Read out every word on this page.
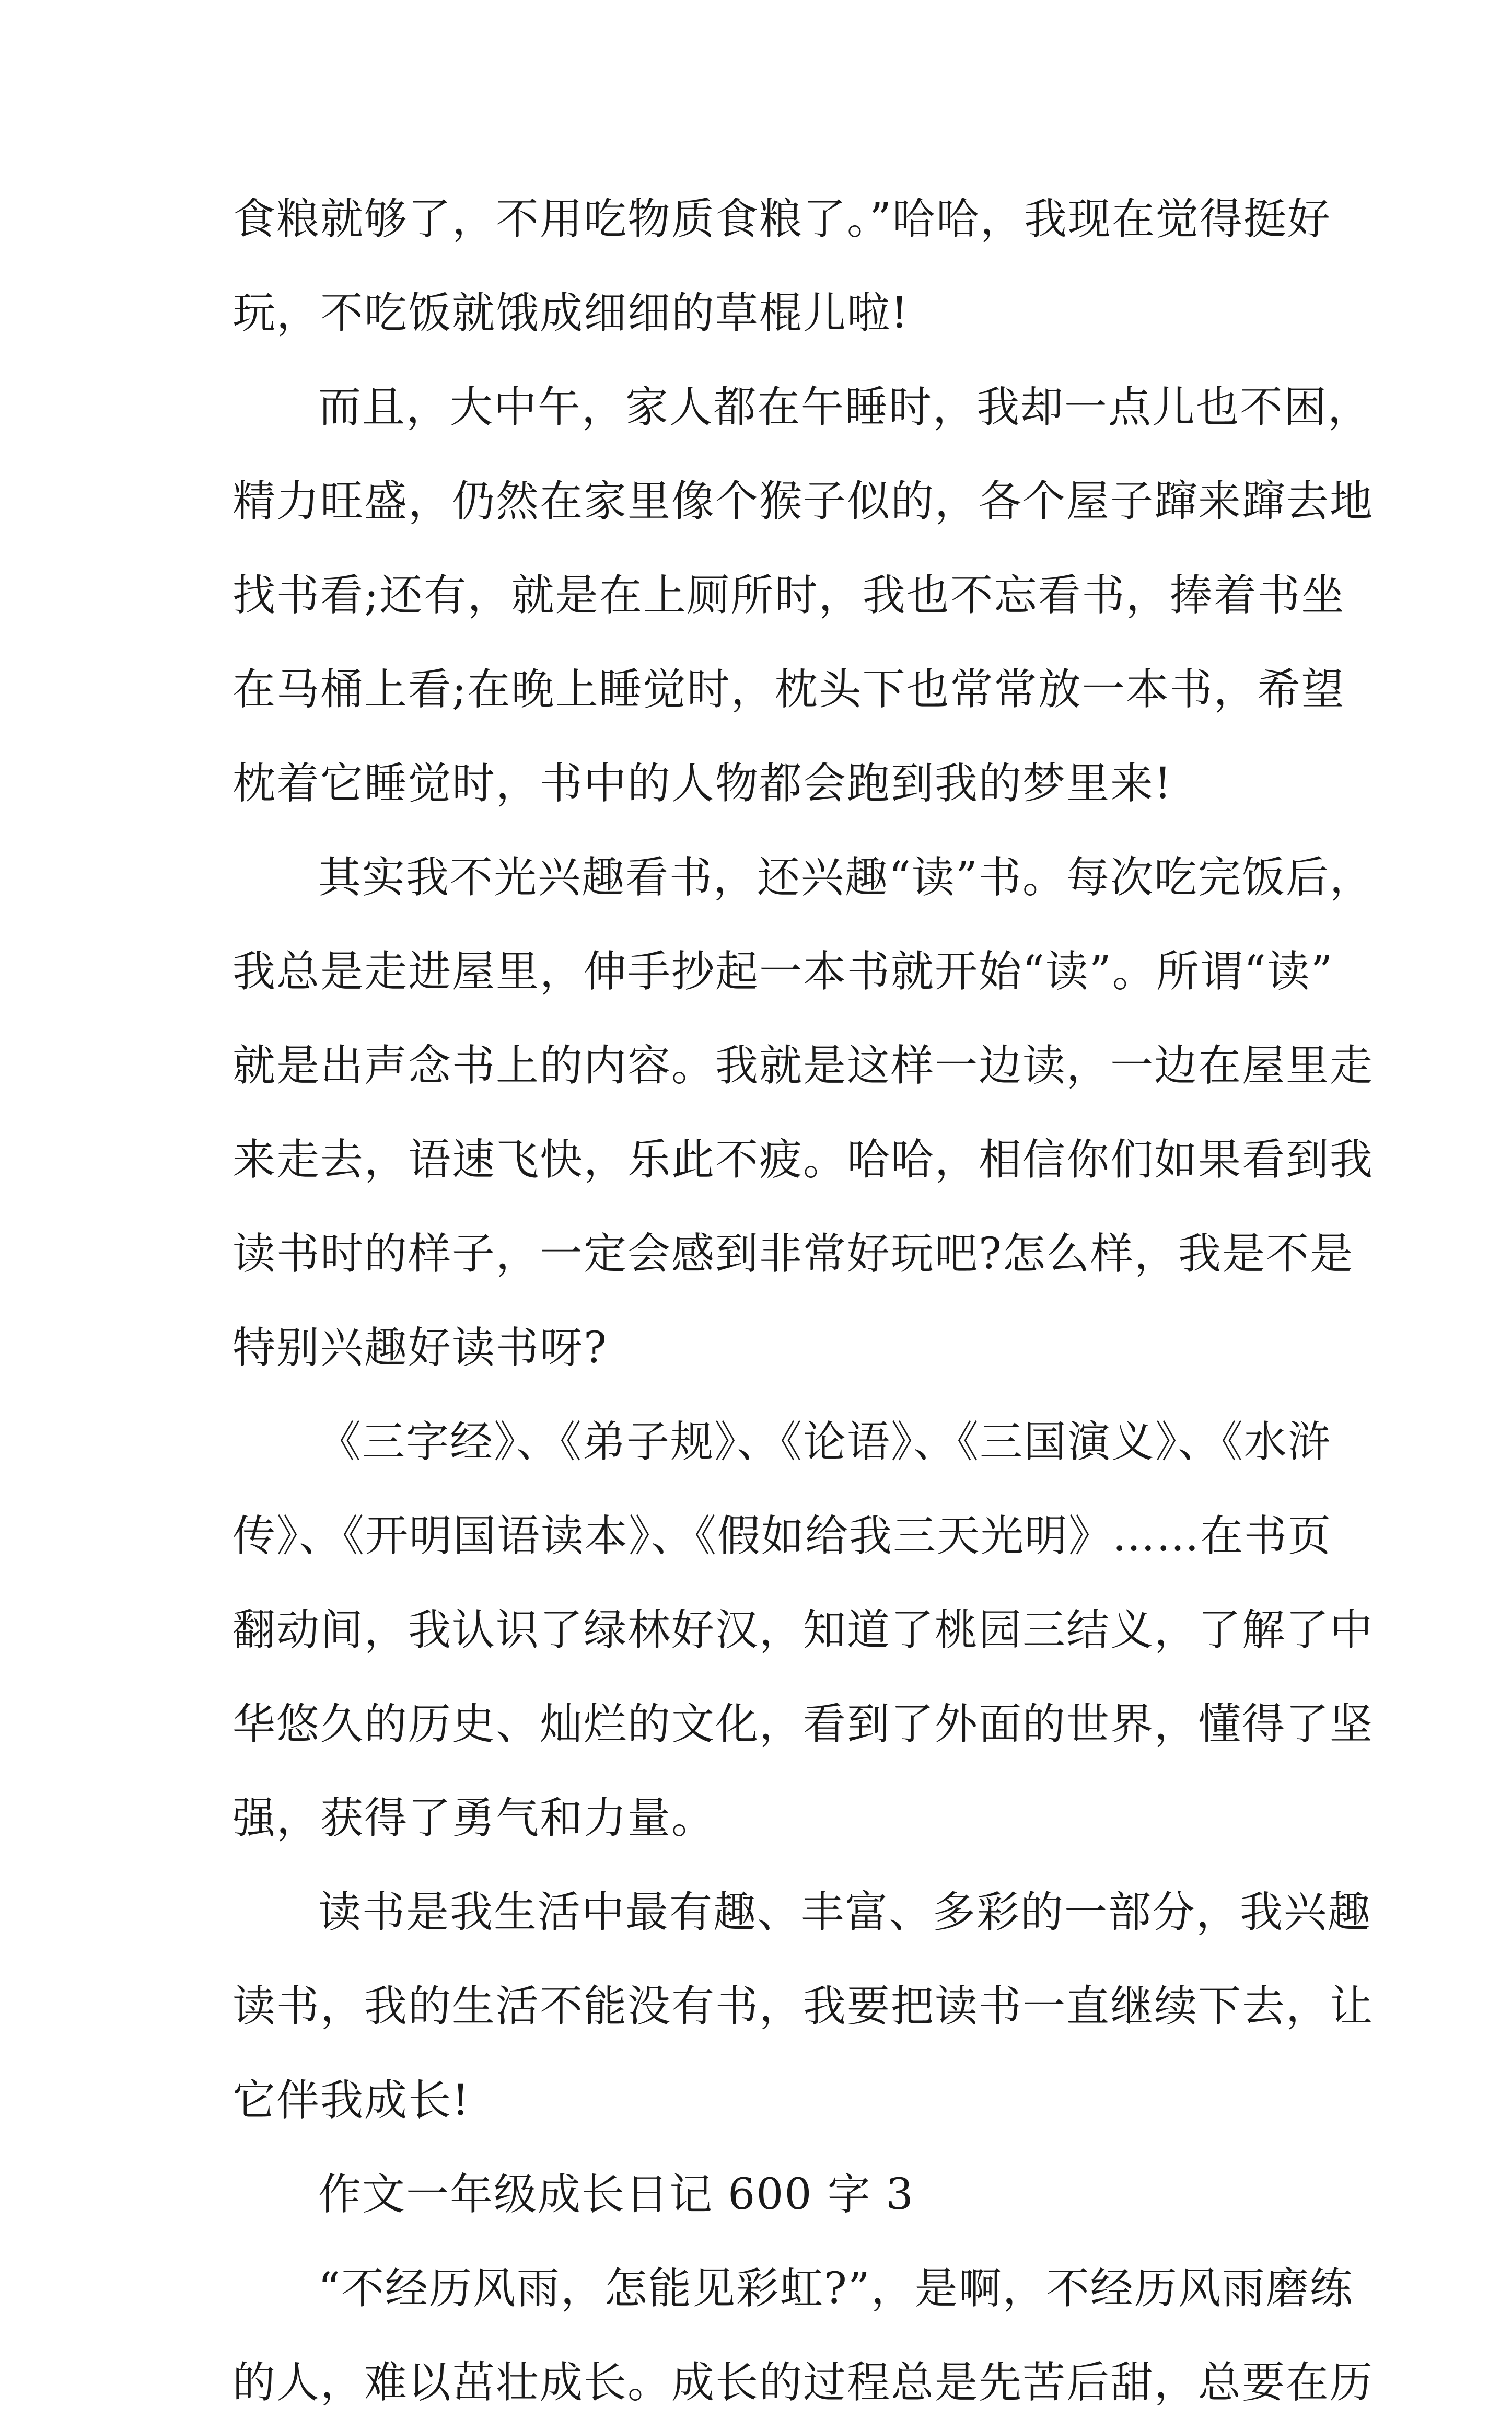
食粮就够了，不用吃物质食粮了。”哈哈，我现在觉得挺好
玩，不吃饭就饿成细细的草棍儿啦!
而且，大中午，家人都在午睡时，我却一点儿也不困，
精力旺盛，仍然在家里像个猴子似的，各个屋子蹿来蹿去地
找书看;还有，就是在上厕所时，我也不忘看书，捧着书坐
在马桶上看;在晚上睡觉时，枕头下也常常放一本书，希望
枕着它睡觉时，书中的人物都会跑到我的梦里来!
其实我不光兴趣看书，还兴趣“读”书。每次吃完饭后，
我总是走进屋里，伸手抄起一本书就开始“读”。所谓“读”
就是出声念书上的内容。我就是这样一边读，一边在屋里走
来走去，语速飞快，乐此不疲。哈哈，相信你们如果看到我
读书时的样子，一定会感到非常好玩吧?怎么样，我是不是
特别兴趣好读书呀?
《三字经》、《弟子规》、《论语》、《三国演义》、《水浒
传》、《开明国语读本》、《假如给我三天光明》……在书页
翻动间，我认识了绿林好汉，知道了桃园三结义，了解了中
华悠久的历史、灿烂的文化，看到了外面的世界，懂得了坚
强，获得了勇气和力量。
读书是我生活中最有趣、丰富、多彩的一部分，我兴趣
读书，我的生活不能没有书，我要把读书一直继续下去，让
它伴我成长!
作文一年级成长日记 600 字 3
“不经历风雨，怎能见彩虹?”，是啊，不经历风雨磨练
的人，难以茁壮成长。成长的过程总是先苦后甜，总要在历
